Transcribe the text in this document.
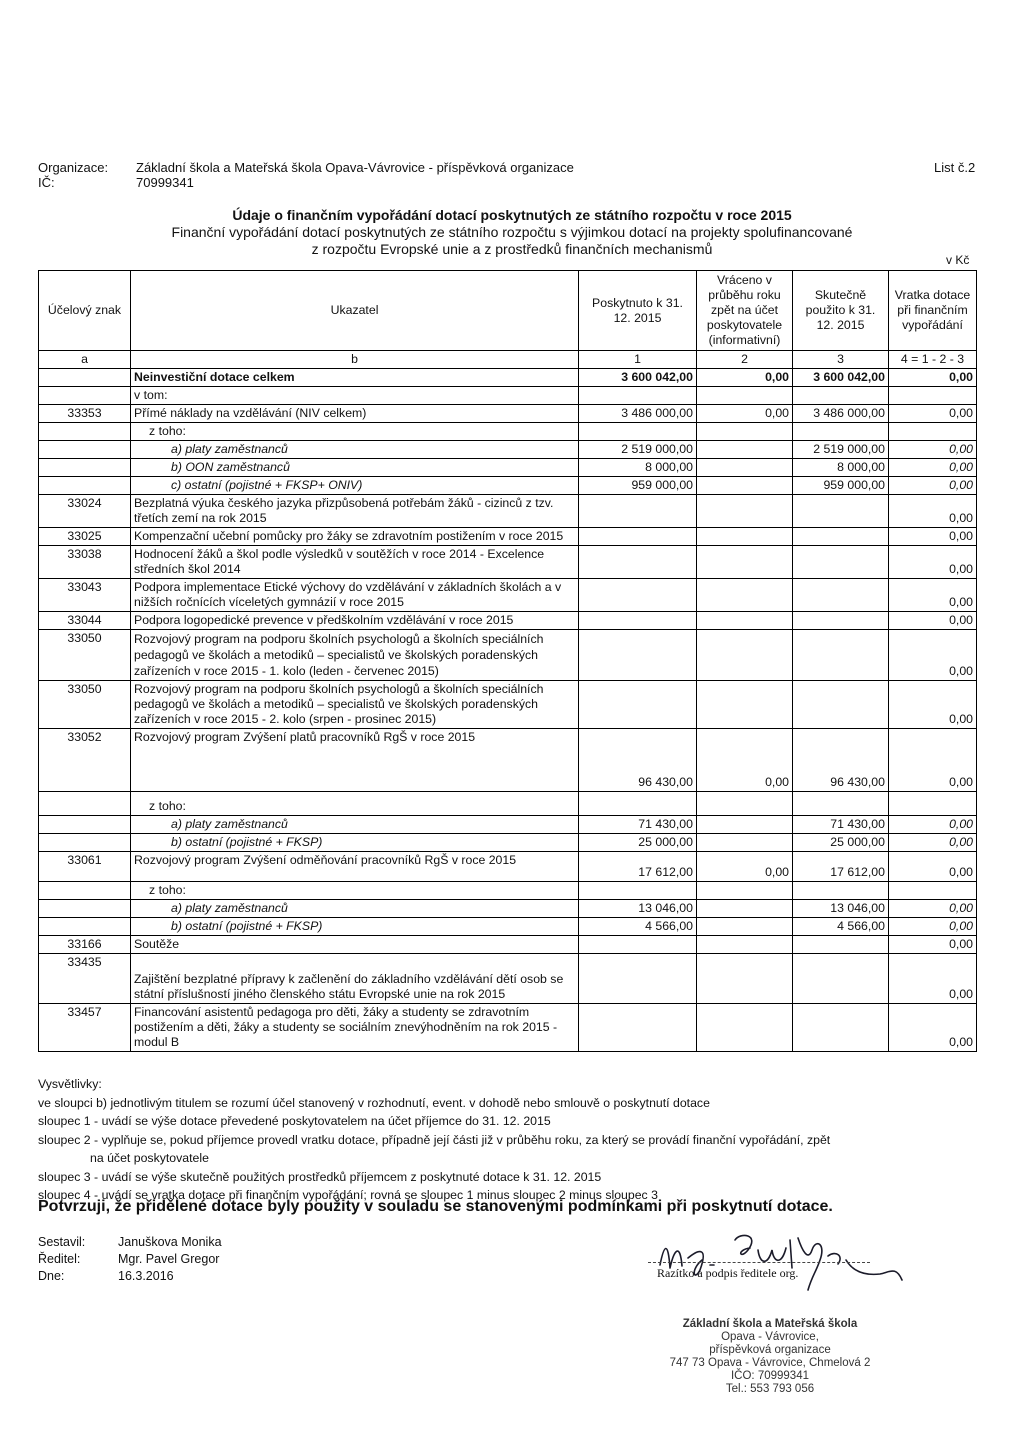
Organizace: Základní škola a Mateřská škola Opava-Vávrovice - příspěvková organizace
IČ:	70999341
List č.2
Údaje o finančním vypořádání dotací poskytnutých ze státního rozpočtu v roce 2015
Finanční vypořádání dotací poskytnutých ze státního rozpočtu s výjimkou dotací na projekty spolufinancované
z rozpočtu Evropské unie a z prostředků finančních mechanismů
v Kč
Účelový znak	Ukazatel	Poskytnuto k 31. 12. 2015	Vráceno v průběhu roku zpět na účet poskytovatele (informativní)	Skutečně použito k 31. 12. 2015	Vratka dotace při finančním vypořádání
a	b	1	2	3	4 = 1 - 2 - 3
	Neinvestiční dotace celkem	3 600 042,00	0,00	3 600 042,00	0,00
	v tom:				
33353	Přímé náklady na vzdělávání (NIV celkem)	3 486 000,00	0,00	3 486 000,00	0,00
	z toho:				
	a) platy zaměstnanců	2 519 000,00		2 519 000,00	0,00
	b) OON zaměstnanců	8 000,00		8 000,00	0,00
	c) ostatní (pojistné + FKSP+ ONIV)	959 000,00		959 000,00	0,00
33024	Bezplatná výuka českého jazyka přizpůsobená potřebám žáků - cizinců z tzv. třetích zemí na rok 2015				0,00
33025	Kompenzační učební pomůcky pro žáky se zdravotním postižením v roce 2015				0,00
33038	Hodnocení žáků a škol podle výsledků v soutěžích v roce 2014 - Excelence středních škol 2014				0,00
33043	Podpora implementace Etické výchovy do vzdělávání v základních školách a v nižších ročnících víceletých gymnázií v roce 2015				0,00
33044	Podpora logopedické prevence v předškolním vzdělávání v roce 2015				0,00
33050	Rozvojový program na podporu školních psychologů a školních speciálních pedagogů ve školách a metodiků – specialistů ve školských poradenských zařízeních v roce 2015 - 1. kolo (leden - červenec 2015)				0,00
33050	Rozvojový program na podporu školních psychologů a školních speciálních pedagogů ve školách a metodiků – specialistů ve školských poradenských zařízeních v roce 2015 - 2. kolo (srpen - prosinec 2015)				0,00
33052	Rozvojový program Zvýšení platů pracovníků RgŠ v roce 2015	96 430,00	0,00	96 430,00	0,00
	z toho:				
	a) platy zaměstnanců	71 430,00		71 430,00	0,00
	b) ostatní (pojistné + FKSP)	25 000,00		25 000,00	0,00
33061	Rozvojový program Zvýšení odměňování pracovníků RgŠ v roce 2015	17 612,00	0,00	17 612,00	0,00
	z toho:				
	a) platy zaměstnanců	13 046,00		13 046,00	0,00
	b) ostatní (pojistné + FKSP)	4 566,00		4 566,00	0,00
33166	Soutěže				0,00
33435	Zajištění bezplatné přípravy k začlenění do základního vzdělávání dětí osob se státní příslušností jiného členského státu Evropské unie na rok 2015				0,00
33457	Financování asistentů pedagoga pro děti, žáky a studenty se zdravotním postižením a děti, žáky a studenty se sociálním znevýhodněním na rok 2015 - modul B				0,00
Vysvětlivky:
ve sloupci b) jednotlivým titulem se rozumí účel stanovený v rozhodnutí, event. v dohodě nebo smlouvě o poskytnutí dotace
sloupec 1 - uvádí se výše dotace převedené poskytovatelem na účet příjemce do 31. 12. 2015
sloupec 2 - vyplňuje se, pokud příjemce provedl vratku dotace, případně její části již v průběhu roku, za který se provádí finanční vypořádání, zpět
na účet poskytovatele
sloupec 3 - uvádí se výše skutečně použitých prostředků příjemcem z poskytnuté dotace k 31. 12. 2015
sloupec 4 - uvádí se vratka dotace při finančním vypořádání; rovná se sloupec 1 minus sloupec 2 minus sloupec 3
Potvrzuji, že přidělené dotace byly použity v souladu se stanovenými podmínkami při poskytnutí dotace.
Sestavil:	Januškova Monika
Ředitel:	Mgr. Pavel Gregor
Dne:	16.3.2016	Razítko a podpis ředitele org.
Základní škola a Mateřská škola
Opava - Vávrovice,
příspěvková organizace
747 73 Opava - Vávrovice, Chmelová 2
IČO: 70999341
Tel.: 553 793 056
